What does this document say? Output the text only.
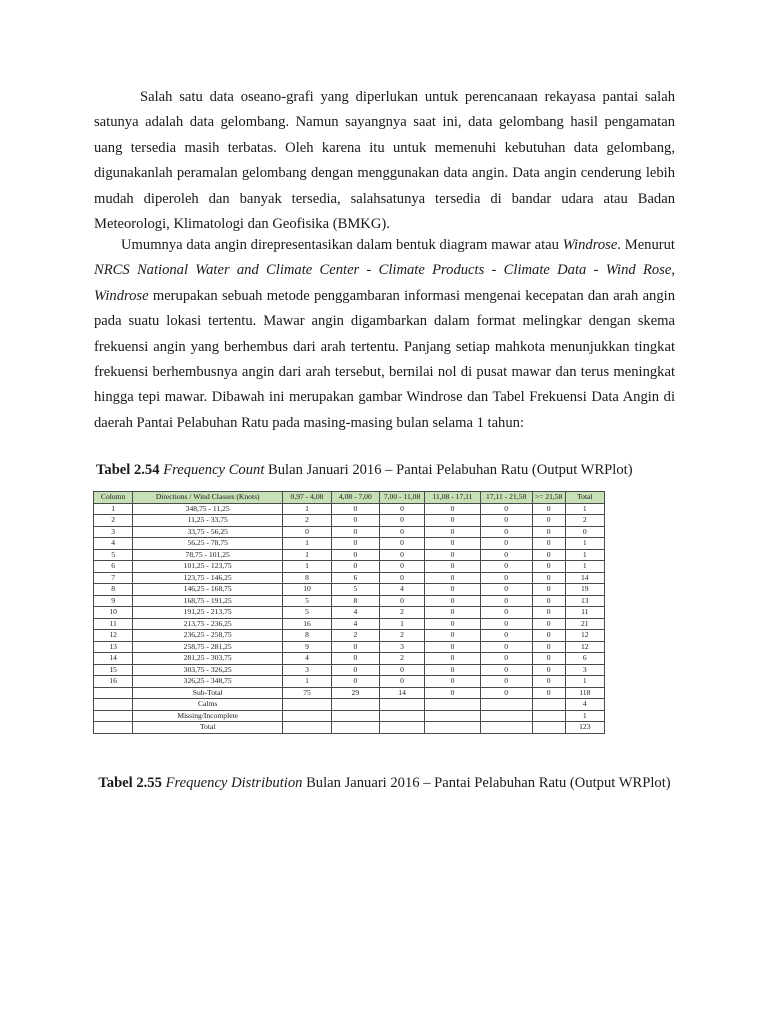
Salah satu data oseano-grafi yang diperlukan untuk perencanaan rekayasa pantai salah satunya adalah data gelombang. Namun sayangnya saat ini, data gelombang hasil pengamatan uang tersedia masih terbatas. Oleh karena itu untuk memenuhi kebutuhan data gelombang, digunakanlah peramalan gelombang dengan menggunakan data angin. Data angin cenderung lebih mudah diperoleh dan banyak tersedia, salahsatunya tersedia di bandar udara atau Badan Meteorologi, Klimatologi dan Geofisika (BMKG).

Umumnya data angin direpresentasikan dalam bentuk diagram mawar atau Windrose. Menurut NRCS National Water and Climate Center - Climate Products - Climate Data - Wind Rose, Windrose merupakan sebuah metode penggambaran informasi mengenai kecepatan dan arah angin pada suatu lokasi tertentu. Mawar angin digambarkan dalam format melingkar dengan skema frekuensi angin yang berhembus dari arah tertentu. Panjang setiap mahkota menunjukkan tingkat frekuensi berhembusnya angin dari arah tersebut, bernilai nol di pusat mawar dan terus meningkat hingga tepi mawar. Dibawah ini merupakan gambar Windrose dan Tabel Frekuensi Data Angin di daerah Pantai Pelabuhan Ratu pada masing-masing bulan selama 1 tahun:

Tabel 2.54 Frequency Count Bulan Januari 2016 – Pantai Pelabuhan Ratu (Output WRPlot)

Column	Directions / Wind Classes (Knots)	0,97 - 4,08	4,08 - 7,00	7,00 - 11,08	11,08 - 17,11	17,11 - 21,58	>= 21,58	Total
1	348,75 - 11,25	1	0	0	0	0	0	1
2	11,25 - 33,75	2	0	0	0	0	0	2
3	33,75 - 56,25	0	0	0	0	0	0	0
4	56,25 - 78,75	1	0	0	0	0	0	1
5	78,75 - 101,25	1	0	0	0	0	0	1
6	101,25 - 123,75	1	0	0	0	0	0	1
7	123,75 - 146,25	8	6	0	0	0	0	14
8	146,25 - 168,75	10	5	4	0	0	0	19
9	168,75 - 191,25	5	8	0	0	0	0	13
10	191,25 - 213,75	5	4	2	0	0	0	11
11	213,75 - 236,25	16	4	1	0	0	0	21
12	236,25 - 258,75	8	2	2	0	0	0	12
13	258,75 - 281,25	9	0	3	0	0	0	12
14	281,25 - 303,75	4	0	2	0	0	0	6
15	303,75 - 326,25	3	0	0	0	0	0	3
16	326,25 - 348,75	1	0	0	0	0	0	1
	Sub-Total	75	29	14	0	0	0	118
	Calms							4
	Missing/Incomplete							1
	Total							123

Tabel 2.55 Frequency Distribution Bulan Januari 2016 – Pantai Pelabuhan Ratu (Output WRPlot)
